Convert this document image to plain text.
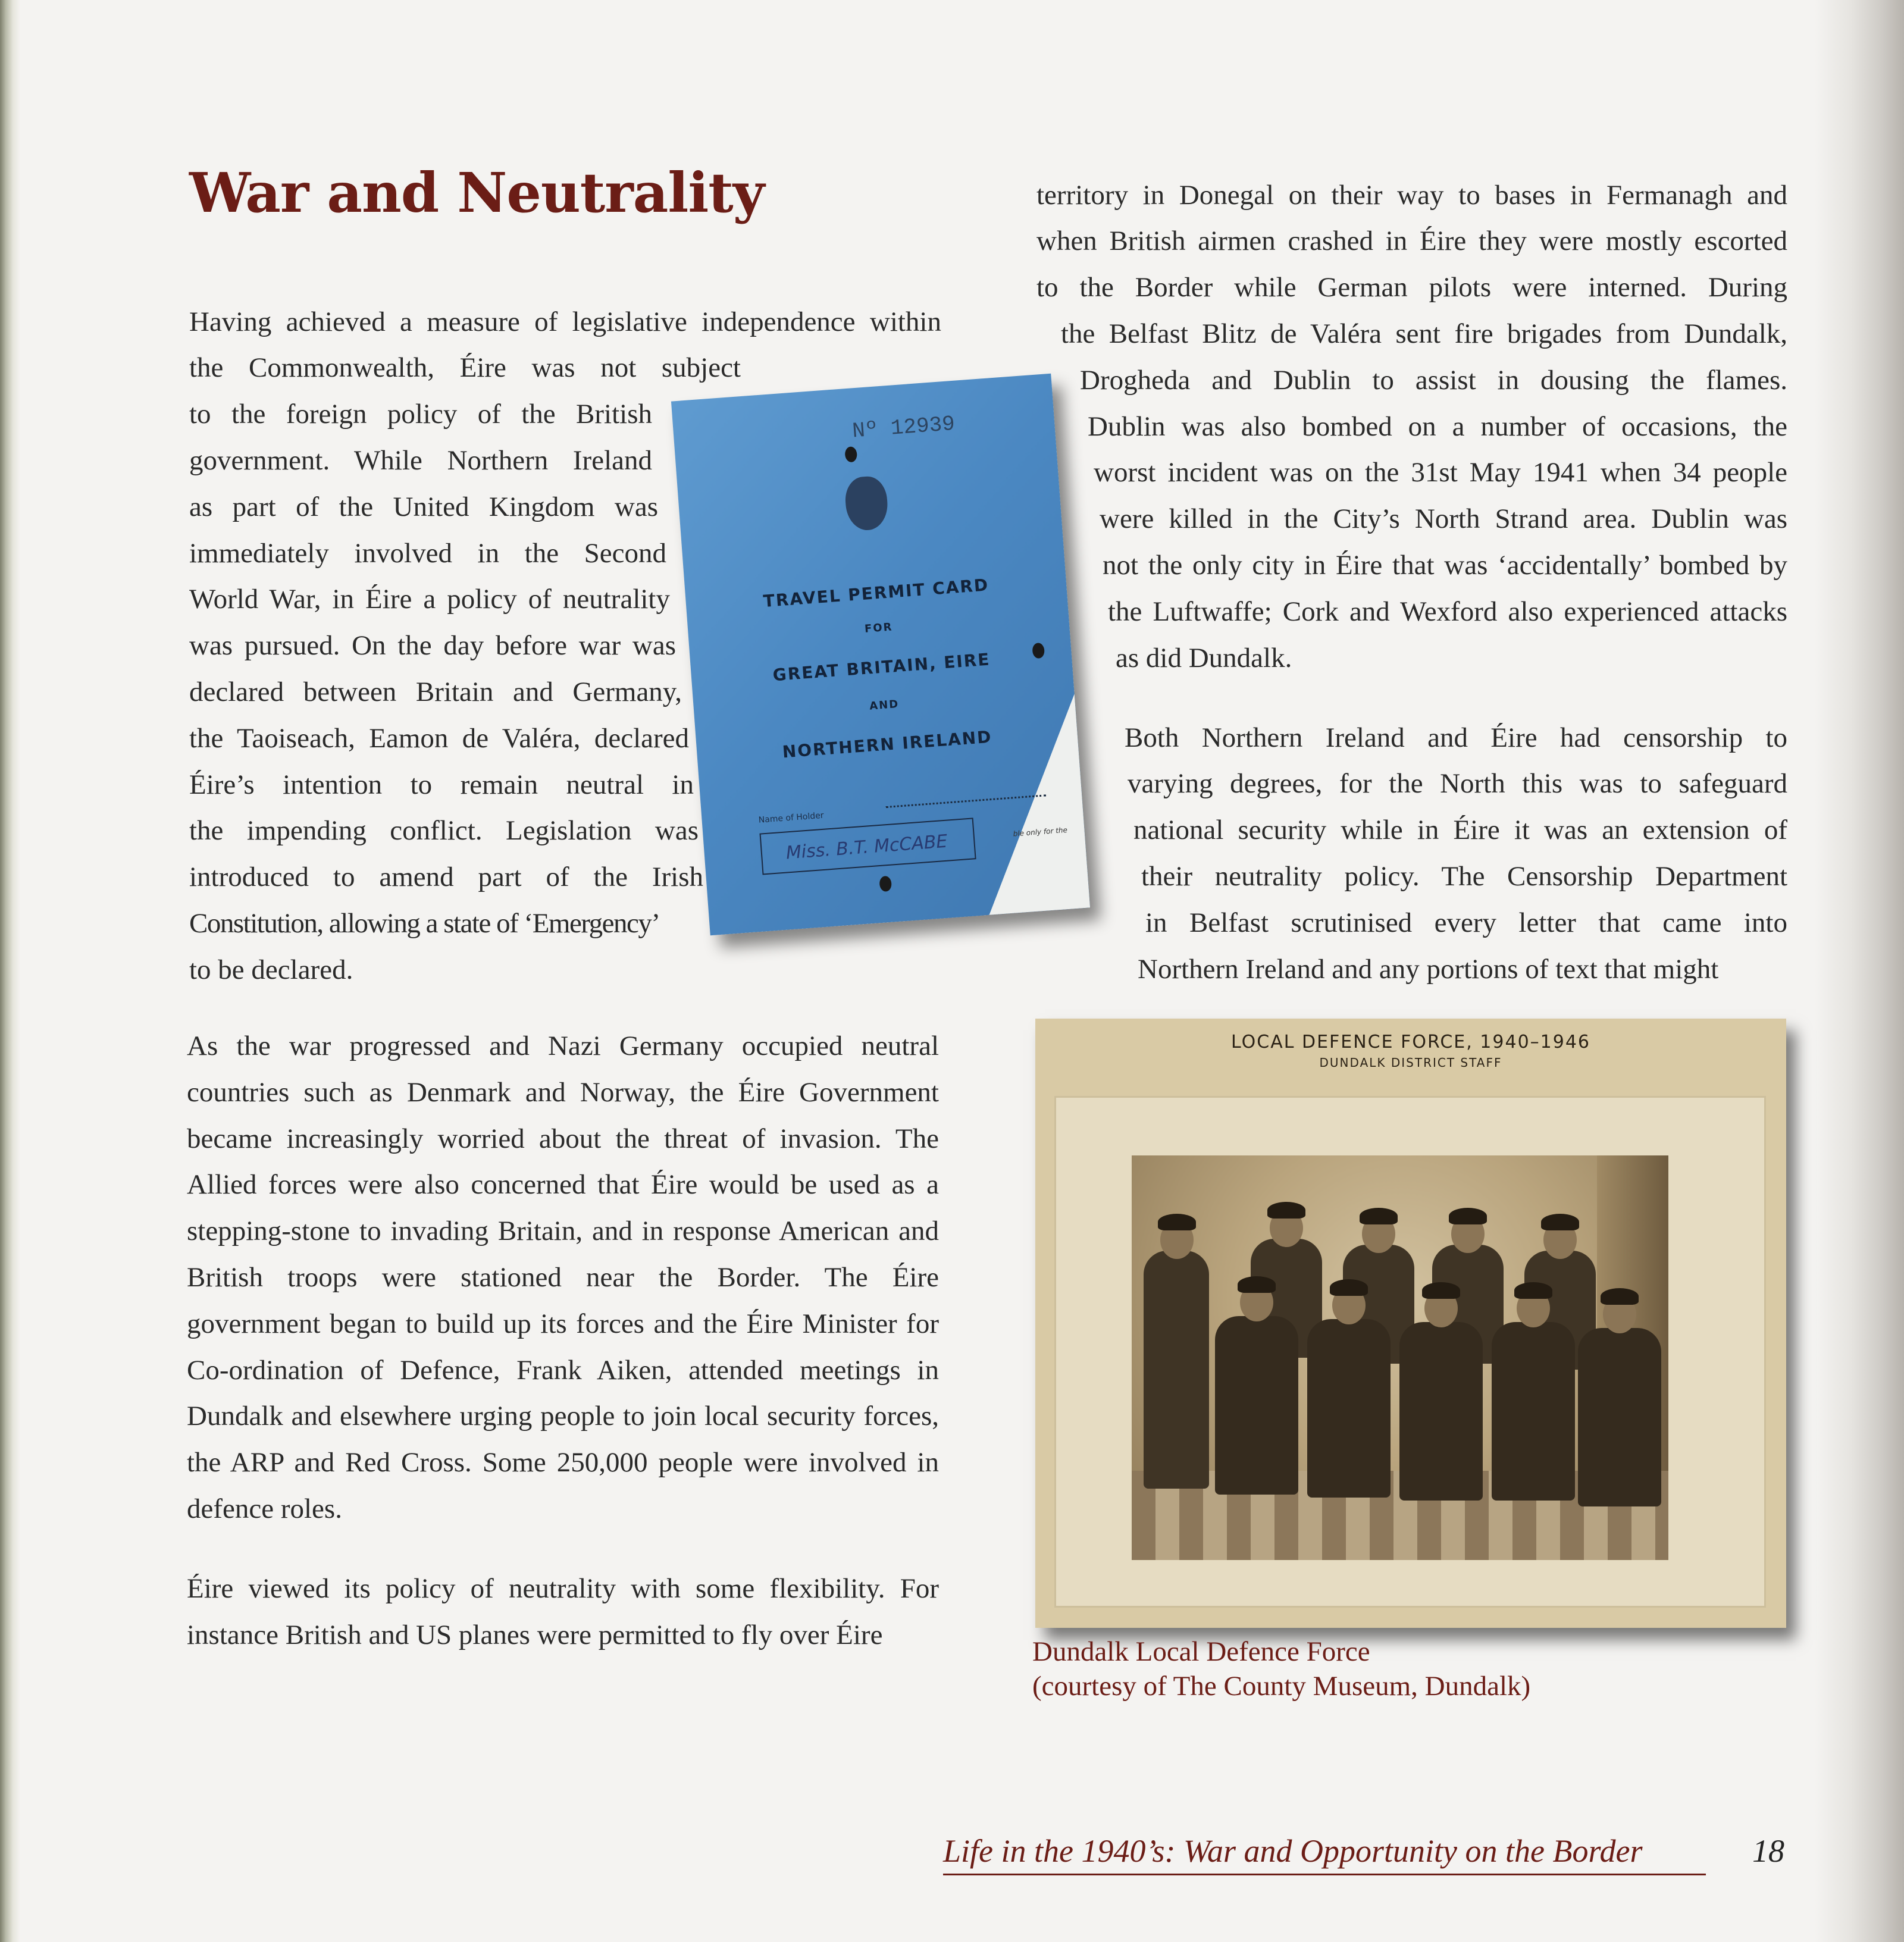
War and Neutrality
Having achieved a measure of legislative independence within
the Commonwealth, Éire was not subject
to the foreign policy of the British
government. While Northern Ireland
as part of the United Kingdom was
immediately involved in the Second
World War, in Éire a policy of neutrality
was pursued. On the day before war was
declared between Britain and Germany,
the Taoiseach, Eamon de Valéra, declared
Éire’s intention to remain neutral in
the impending conflict. Legislation was
introduced to amend part of the Irish
Constitution, allowing a state of ‘Emergency’
to be declared.
Nº 12939
TRAVEL PERMIT CARD
FOR
GREAT BRITAIN, EIRE
AND
NORTHERN IRELAND
Name of Holder
Miss. B.T. McCABE	ble only for the

As the war progressed and Nazi Germany occupied neutral countries such as Denmark and Norway, the Éire Government became increasingly worried about the threat of invasion. The Allied forces were also concerned that Éire would be used as a stepping-stone to invading Britain, and in response American and British troops were stationed near the Border. The Éire government began to build up its forces and the Éire Minister for Co-ordination of Defence, Frank Aiken, attended meetings in Dundalk and elsewhere urging people to join local security forces, the ARP and Red Cross. Some 250,000 people were involved in defence roles.

Éire viewed its policy of neutrality with some flexibility. For instance British and US planes were permitted to fly over Éire

territory in Donegal on their way to bases in Fermanagh and
when British airmen crashed in Éire they were mostly escorted
to the Border while German pilots were interned. During
the Belfast Blitz de Valéra sent fire brigades from Dundalk,
Drogheda and Dublin to assist in dousing the flames.
Dublin was also bombed on a number of occasions, the
worst incident was on the 31st May 1941 when 34 people
were killed in the City’s North Strand area. Dublin was
not the only city in Éire that was ‘accidentally’ bombed by
the Luftwaffe; Cork and Wexford also experienced attacks
as did Dundalk.
Both Northern Ireland and Éire had censorship to
varying degrees, for the North this was to safeguard
national security while in Éire it was an extension of
their neutrality policy. The Censorship Department
in Belfast scrutinised every letter that came into
Northern Ireland and any portions of text that might
LOCAL DEFENCE FORCE, 1940–1946
DUNDALK DISTRICT STAFF

Dundalk Local Defence Force
(courtesy of The County Museum, Dundalk)

Life in the 1940’s: War and Opportunity on the Border	18
